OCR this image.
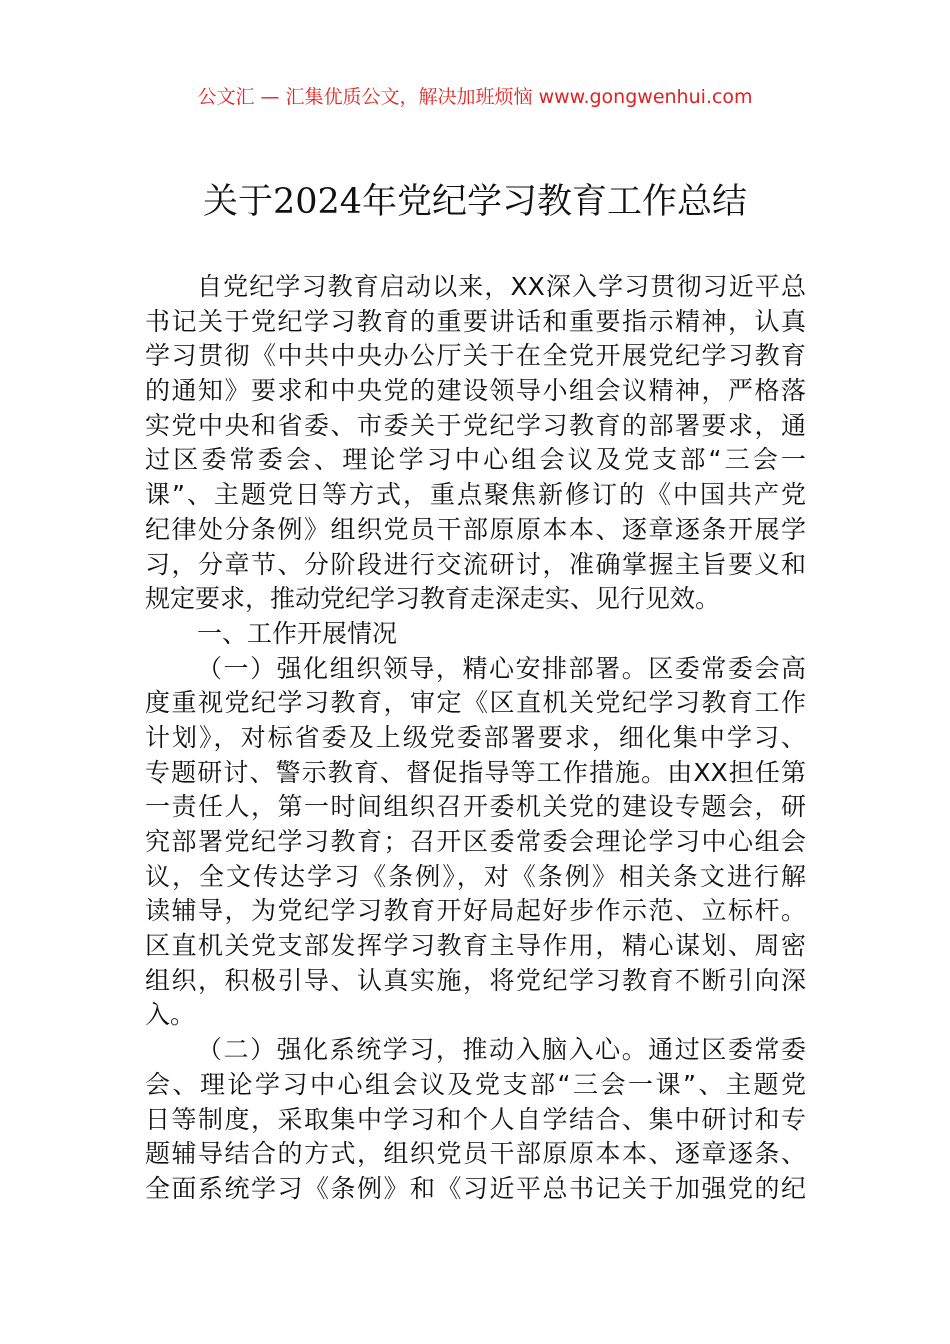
公文汇 — 汇集优质公文，解决加班烦恼 www.gongwenhui.com
关于2024年党纪学习教育工作总结
自党纪学习教育启动以来，XX深入学习贯彻习近平总
书记关于党纪学习教育的重要讲话和重要指示精神，认真
学习贯彻《中共中央办公厅关于在全党开展党纪学习教育
的通知》要求和中央党的建设领导小组会议精神，严格落
实党中央和省委、市委关于党纪学习教育的部署要求，通
过区委常委会、理论学习中心组会议及党支部“三会一
课”、主题党日等方式，重点聚焦新修订的《中国共产党
纪律处分条例》组织党员干部原原本本、逐章逐条开展学
习，分章节、分阶段进行交流研讨，准确掌握主旨要义和
规定要求，推动党纪学习教育走深走实、见行见效。
一、工作开展情况
（一）强化组织领导，精心安排部署。区委常委会高
度重视党纪学习教育，审定《区直机关党纪学习教育工作
计划》，对标省委及上级党委部署要求，细化集中学习、
专题研讨、警示教育、督促指导等工作措施。由XX担任第
一责任人，第一时间组织召开委机关党的建设专题会，研
究部署党纪学习教育；召开区委常委会理论学习中心组会
议，全文传达学习《条例》，对《条例》相关条文进行解
读辅导，为党纪学习教育开好局起好步作示范、立标杆。
区直机关党支部发挥学习教育主导作用，精心谋划、周密
组织，积极引导、认真实施，将党纪学习教育不断引向深
入。
（二）强化系统学习，推动入脑入心。通过区委常委
会、理论学习中心组会议及党支部“三会一课”、主题党
日等制度，采取集中学习和个人自学结合、集中研讨和专
题辅导结合的方式，组织党员干部原原本本、逐章逐条、
全面系统学习《条例》和《习近平总书记关于加强党的纪
